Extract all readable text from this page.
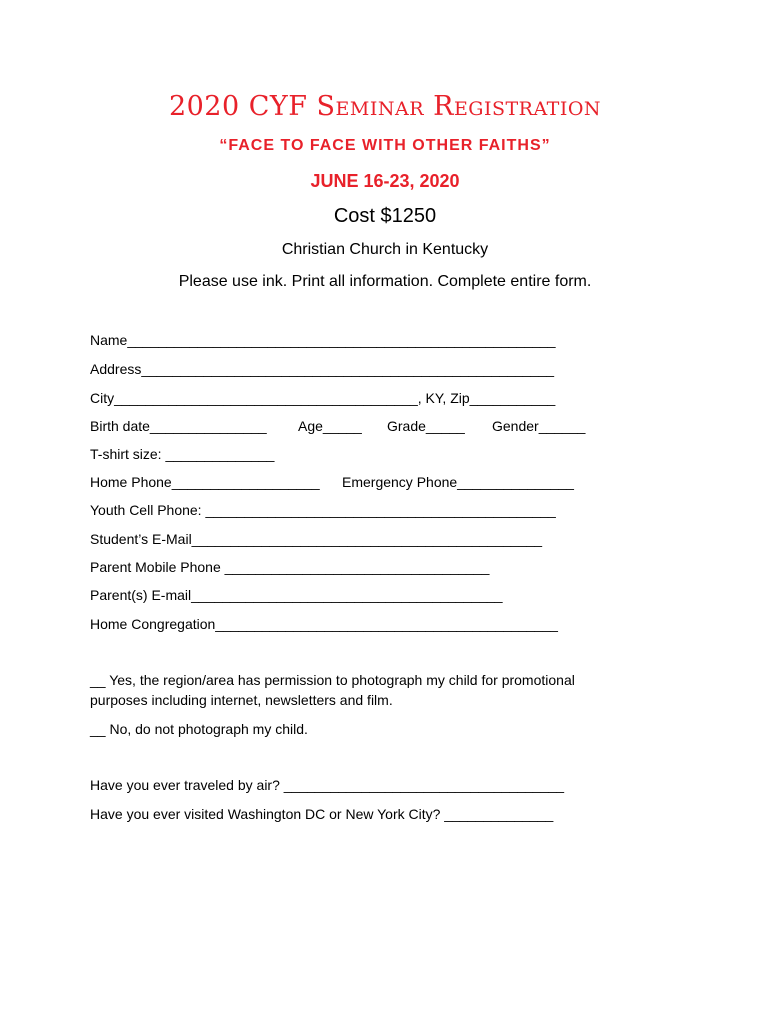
2020 CYF Seminar Registration
“FACE TO FACE WITH OTHER FAITHS”
JUNE 16-23, 2020
Cost $1250
Christian Church in Kentucky
Please use ink. Print all information. Complete entire form.
Name_______________________________________________________
Address_____________________________________________________
City_______________________________________, KY, Zip___________
Birth date_______________ Age_____ Grade_____ Gender______
T-shirt size: ______________
Home Phone___________________ Emergency Phone_______________
Youth Cell Phone: _____________________________________________
Student’s E-Mail_____________________________________________
Parent Mobile Phone __________________________________
Parent(s) E-mail________________________________________
Home Congregation____________________________________________
__ Yes, the region/area has permission to photograph my child for promotional
purposes including internet, newsletters and film.
__ No, do not photograph my child.
Have you ever traveled by air? ____________________________________
Have you ever visited Washington DC or New York City? ______________
